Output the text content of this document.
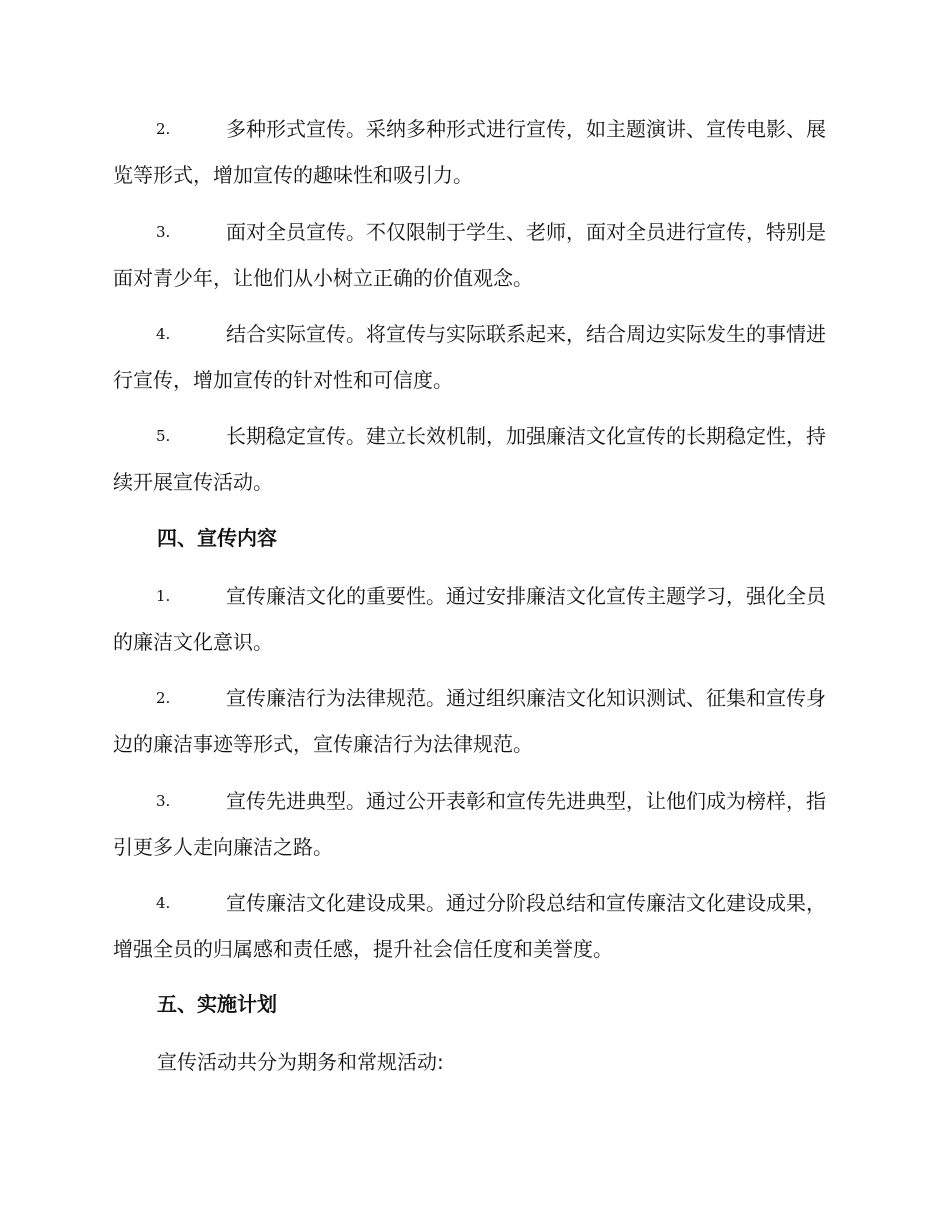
2.	多种形式宣传。采纳多种形式进行宣传，如主题演讲、宣传电影、展览等形式，增加宣传的趣味性和吸引力。
3.	面对全员宣传。不仅限制于学生、老师，面对全员进行宣传，特别是面对青少年，让他们从小树立正确的价值观念。
4.	结合实际宣传。将宣传与实际联系起来，结合周边实际发生的事情进行宣传，增加宣传的针对性和可信度。
5.	长期稳定宣传。建立长效机制，加强廉洁文化宣传的长期稳定性，持续开展宣传活动。
四、宣传内容
1.	宣传廉洁文化的重要性。通过安排廉洁文化宣传主题学习，强化全员的廉洁文化意识。
2.	宣传廉洁行为法律规范。通过组织廉洁文化知识测试、征集和宣传身边的廉洁事迹等形式，宣传廉洁行为法律规范。
3.	宣传先进典型。通过公开表彰和宣传先进典型，让他们成为榜样，指引更多人走向廉洁之路。
4.	宣传廉洁文化建设成果。通过分阶段总结和宣传廉洁文化建设成果，增强全员的归属感和责任感，提升社会信任度和美誉度。
五、实施计划
宣传活动共分为期务和常规活动:
